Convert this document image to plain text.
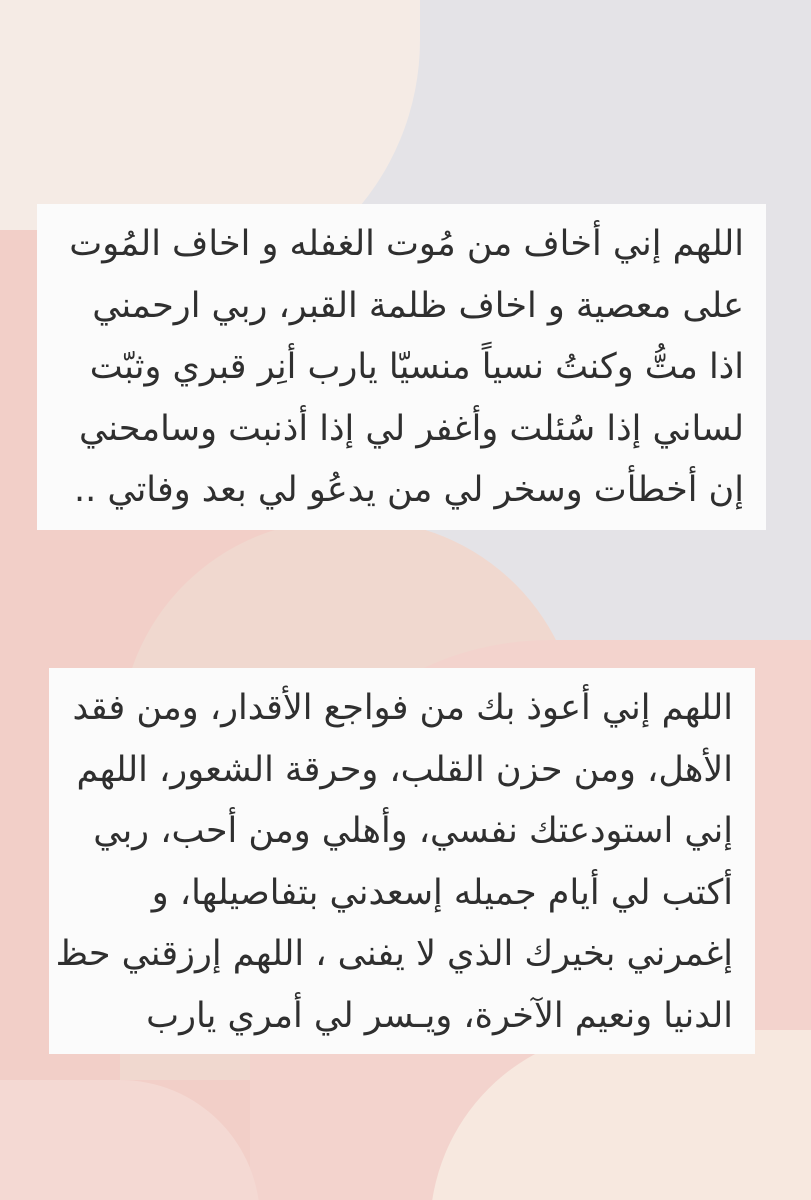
اللهم إني أخاف من مُوت الغفله و اخاف المُوت
على معصية و اخاف ظلمة القبر، ربي ارحمني
اذا متُّ وكنتُ نسياً منسيّا يارب أنِر قبري وثبّت
لساني إذا سُئلت وأغفر لي إذا أذنبت وسامحني
إن أخطأت وسخر لي من يدعُو لي بعد وفاتي ..
اللهم إني أعوذ بك من فواجع الأقدار، ومن فقد
الأهل، ومن حزن القلب، وحرقة الشعور، اللهم
إني استودعتك نفسي، وأهلي ومن أحب، ربي
أكتب لي أيام جميله إسعدني بتفاصيلها، و
إغمرني بخيرك الذي لا يفنى ، اللهم إرزقني حظ
الدنيا ونعيم الآخرة، ويـسر لي أمري يارب
